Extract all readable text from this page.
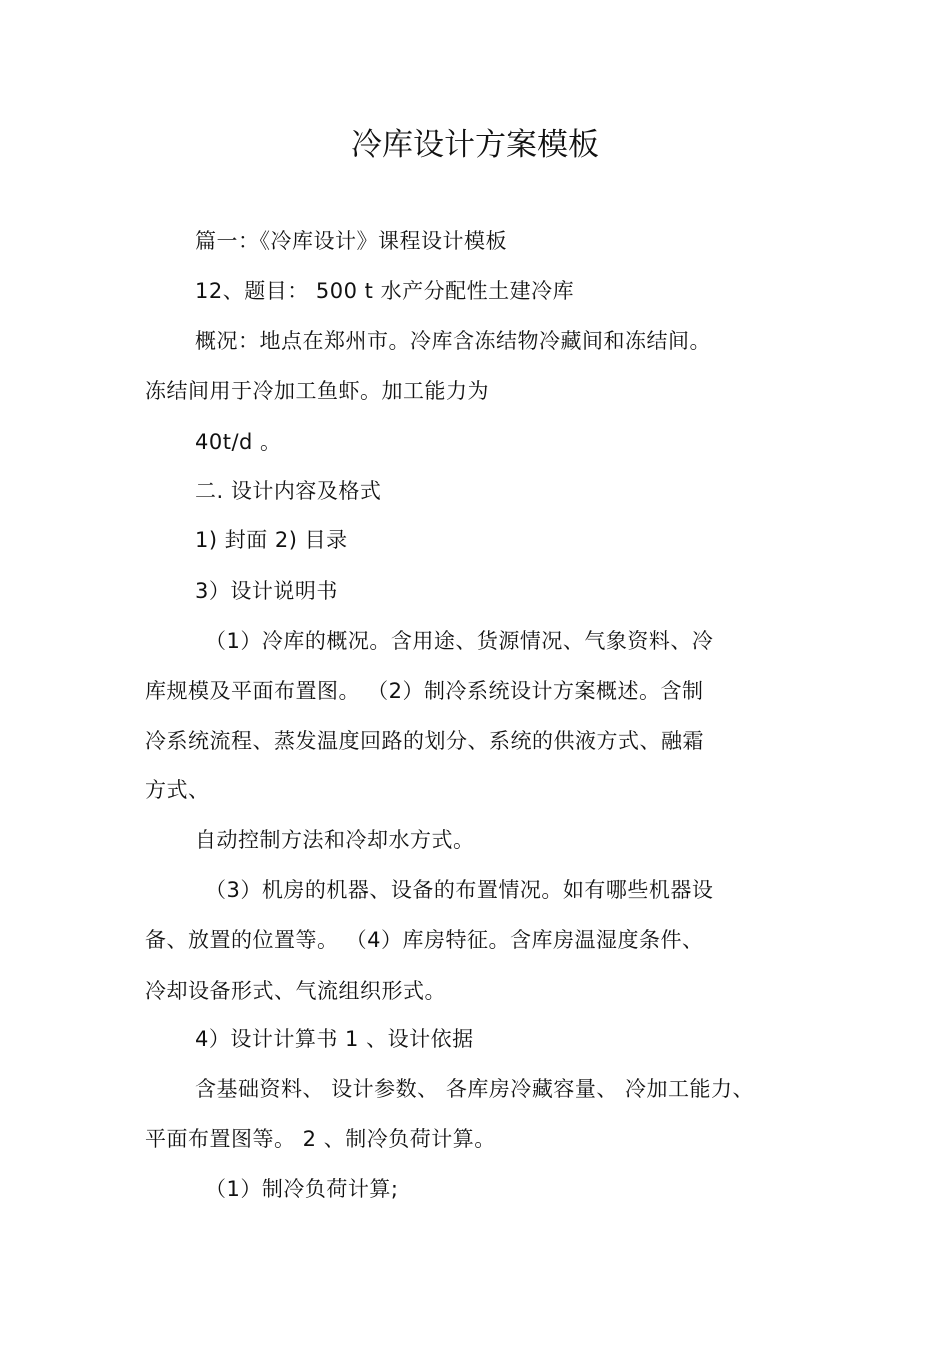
冷库设计方案模板
篇一：《冷库设计》课程设计模板
12、题目： 500 t 水产分配性土建冷库
概况：地点在郑州市。冷库含冻结物冷藏间和冻结间。
冻结间用于冷加工鱼虾。加工能力为
40t/d 。
二. 设计内容及格式
1) 封面 2) 目录
3）设计说明书
（1）冷库的概况。含用途、货源情况、气象资料、冷
库规模及平面布置图。 （2）制冷系统设计方案概述。含制
冷系统流程、蒸发温度回路的划分、系统的供液方式、融霜
方式、
自动控制方法和冷却水方式。
（3）机房的机器、设备的布置情况。如有哪些机器设
备、放置的位置等。 （4）库房特征。含库房温湿度条件、
冷却设备形式、气流组织形式。
4）设计计算书 1 、设计依据
含基础资料、 设计参数、 各库房冷藏容量、 冷加工能力、
平面布置图等。 2 、制冷负荷计算。
（1）制冷负荷计算;
